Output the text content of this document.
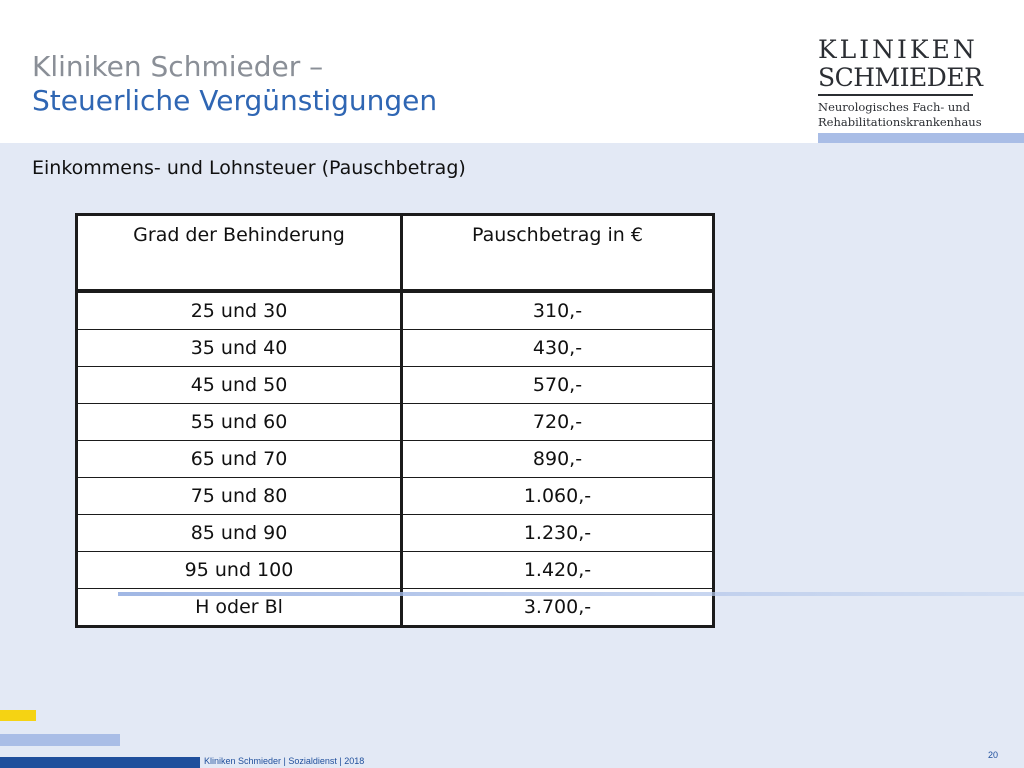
Kliniken Schmieder –
Steuerliche Vergünstigungen
KLINIKEN
SCHMIEDER
Neurologisches Fach- und
Rehabilitationskrankenhaus
Einkommens- und Lohnsteuer (Pauschbetrag)
Grad der Behinderung	Pauschbetrag in €
25 und 30	310,-
35 und 40	430,-
45 und 50	570,-
55 und 60	720,-
65 und 70	890,-
75 und 80	1.060,-
85 und 90	1.230,-
95 und 100	1.420,-
H oder Bl	3.700,-
Kliniken Schmieder | Sozialdienst | 2018
20
